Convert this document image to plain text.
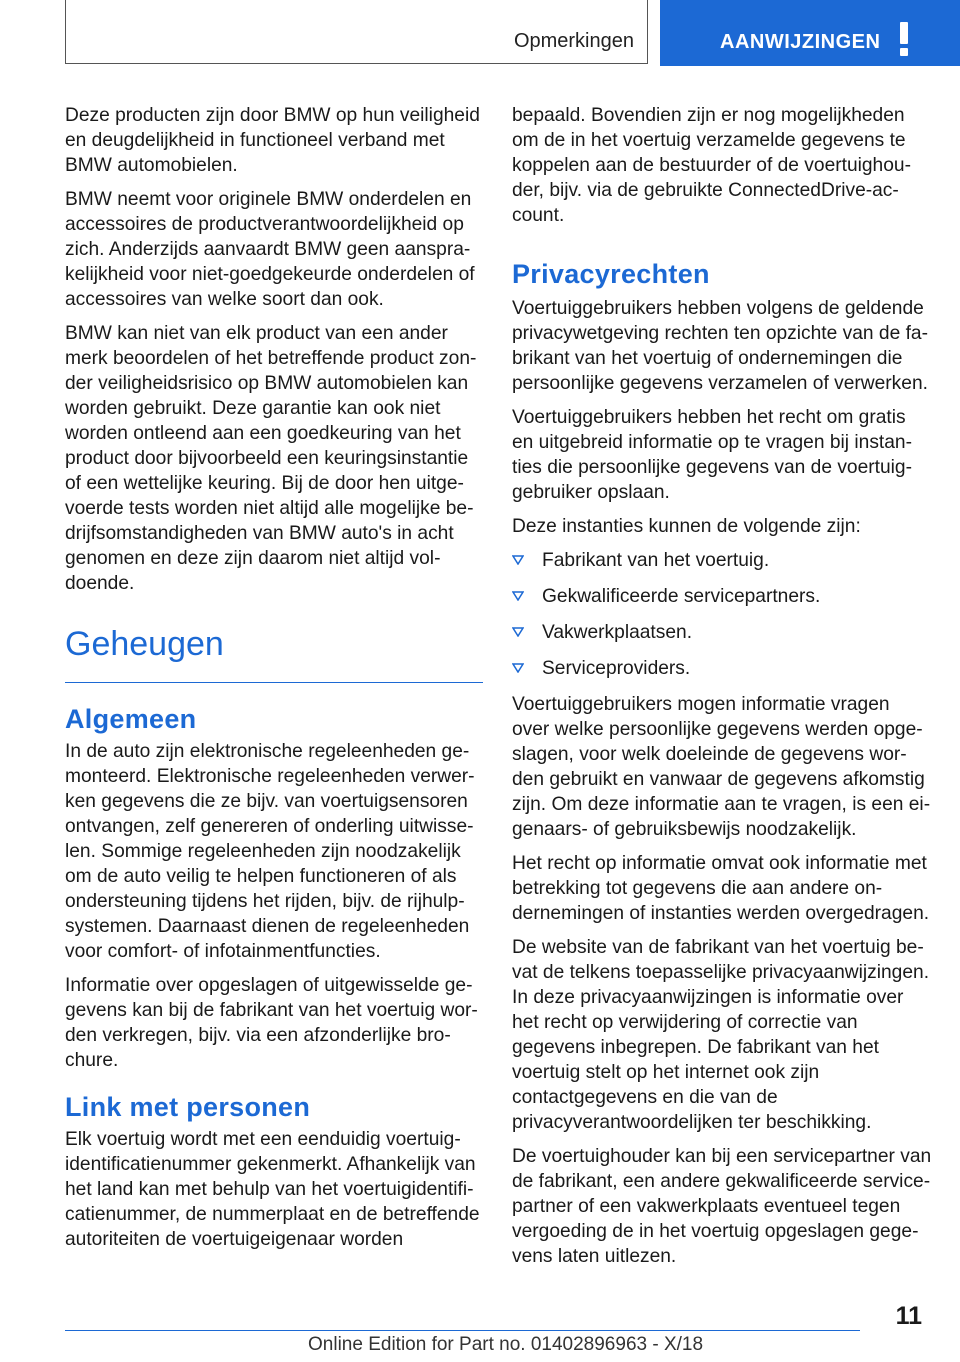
Opmerkingen	AANWIJZINGEN

Deze producten zijn door BMW op hun veiligheid en deugdelijkheid in functioneel verband met BMW automobielen.

BMW neemt voor originele BMW onderdelen en accessoires de productverantwoordelijkheid op zich. Anderzijds aanvaardt BMW geen aansprakelijkheid voor niet-goedgekeurde onderdelen of accessoires van welke soort dan ook.

BMW kan niet van elk product van een ander merk beoordelen of het betreffende product zonder veiligheidsrisico op BMW automobielen kan worden gebruikt. Deze garantie kan ook niet worden ontleend aan een goedkeuring van het product door bijvoorbeeld een keuringsinstantie of een wettelijke keuring. Bij de door hen uitgevoerde tests worden niet altijd alle mogelijke bedrijfsomstandigheden van BMW auto's in acht genomen en deze zijn daarom niet altijd voldoende.

Geheugen
Algemeen

In de auto zijn elektronische regeleenheden gemonteerd. Elektronische regeleenheden verwerken gegevens die ze bijv. van voertuigsensoren ontvangen, zelf genereren of onderling uitwisselen. Sommige regeleenheden zijn noodzakelijk om de auto veilig te helpen functioneren of als ondersteuning tijdens het rijden, bijv. de rijhulpsystemen. Daarnaast dienen de regeleenheden voor comfort- of infotainmentfuncties.

Informatie over opgeslagen of uitgewisselde gegevens kan bij de fabrikant van het voertuig worden verkregen, bijv. via een afzonderlijke brochure.

Link met personen

Elk voertuig wordt met een eenduidig voertuigidentificatienummer gekenmerkt. Afhankelijk van het land kan met behulp van het voertuigidentificatienummer, de nummerplaat en de betreffende autoriteiten de voertuigeigenaar worden

bepaald. Bovendien zijn er nog mogelijkheden om de in het voertuig verzamelde gegevens te koppelen aan de bestuurder of de voertuighouder, bijv. via de gebruikte ConnectedDrive-account.

Privacyrechten

Voertuiggebruikers hebben volgens de geldende privacywetgeving rechten ten opzichte van de fabrikant van het voertuig of ondernemingen die persoonlijke gegevens verzamelen of verwerken.

Voertuiggebruikers hebben het recht om gratis en uitgebreid informatie op te vragen bij instanties die persoonlijke gegevens van de voertuiggebruiker opslaan.

Deze instanties kunnen de volgende zijn:

Fabrikant van het voertuig.
Gekwalificeerde servicepartners.
Vakwerkplaatsen.
Serviceproviders.

Voertuiggebruikers mogen informatie vragen over welke persoonlijke gegevens werden opgeslagen, voor welk doeleinde de gegevens worden gebruikt en vanwaar de gegevens afkomstig zijn. Om deze informatie aan te vragen, is een eigenaars- of gebruiksbewijs noodzakelijk.

Het recht op informatie omvat ook informatie met betrekking tot gegevens die aan andere ondernemingen of instanties werden overgedragen.

De website van de fabrikant van het voertuig bevat de telkens toepasselijke privacyaanwijzingen. In deze privacyaanwijzingen is informatie over het recht op verwijdering of correctie van gegevens inbegrepen. De fabrikant van het voertuig stelt op het internet ook zijn contactgegevens en die van de privacyverantwoordelijken ter beschikking.

De voertuighouder kan bij een servicepartner van de fabrikant, een andere gekwalificeerde servicepartner of een vakwerkplaats eventueel tegen vergoeding de in het voertuig opgeslagen gegevens laten uitlezen.

11
Online Edition for Part no. 01402896963 - X/18
